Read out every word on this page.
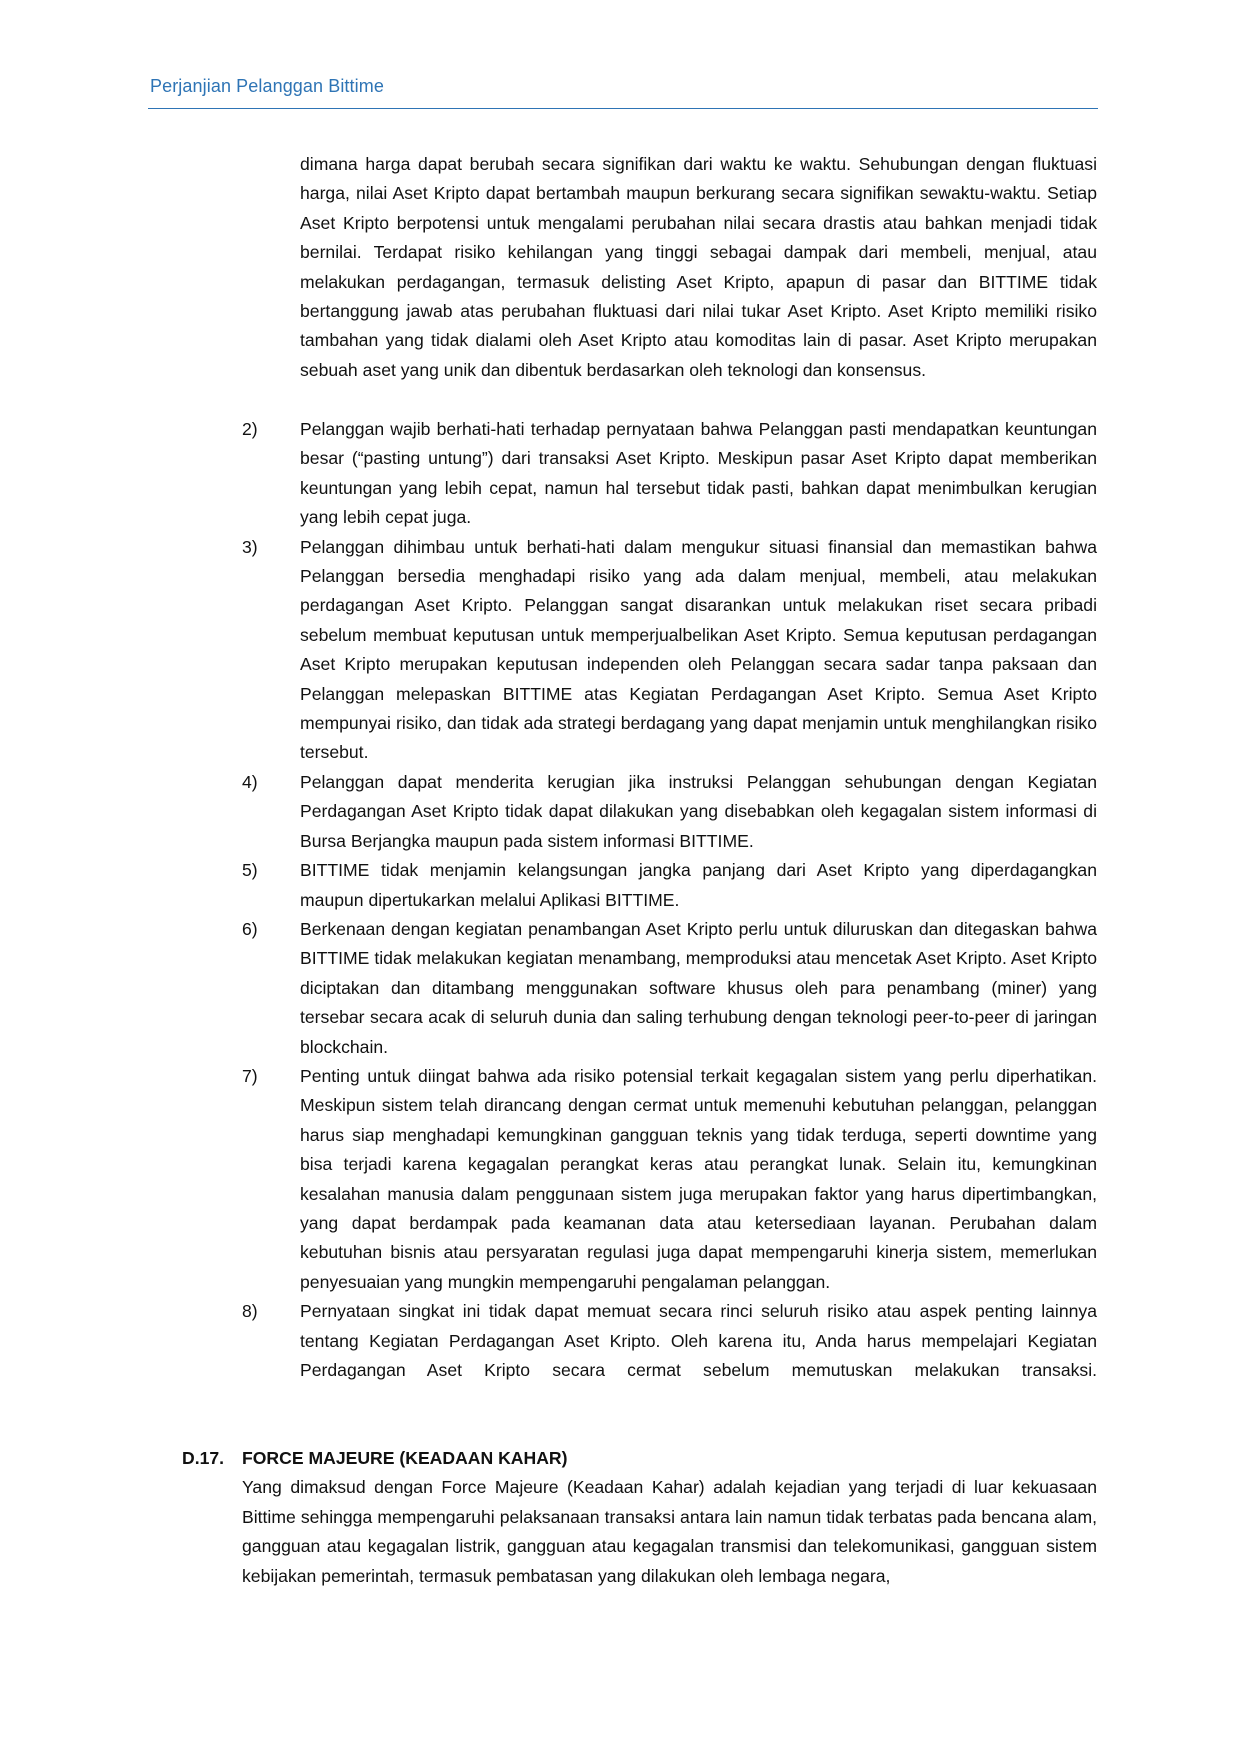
Perjanjian Pelanggan Bittime
dimana harga dapat berubah secara signifikan dari waktu ke waktu. Sehubungan dengan fluktuasi harga, nilai Aset Kripto dapat bertambah maupun berkurang secara signifikan sewaktu-waktu. Setiap Aset Kripto berpotensi untuk mengalami perubahan nilai secara drastis atau bahkan menjadi tidak bernilai. Terdapat risiko kehilangan yang tinggi sebagai dampak dari membeli, menjual, atau melakukan perdagangan, termasuk delisting Aset Kripto, apapun di pasar dan BITTIME tidak bertanggung jawab atas perubahan fluktuasi dari nilai tukar Aset Kripto. Aset Kripto memiliki risiko tambahan yang tidak dialami oleh Aset Kripto atau komoditas lain di pasar. Aset Kripto merupakan sebuah aset yang unik dan dibentuk berdasarkan oleh teknologi dan konsensus.
2)	Pelanggan wajib berhati-hati terhadap pernyataan bahwa Pelanggan pasti mendapatkan keuntungan besar (“pasting untung”) dari transaksi Aset Kripto. Meskipun pasar Aset Kripto dapat memberikan keuntungan yang lebih cepat, namun hal tersebut tidak pasti, bahkan dapat menimbulkan kerugian yang lebih cepat juga.
3)	Pelanggan dihimbau untuk berhati-hati dalam mengukur situasi finansial dan memastikan bahwa Pelanggan bersedia menghadapi risiko yang ada dalam menjual, membeli, atau melakukan perdagangan Aset Kripto. Pelanggan sangat disarankan untuk melakukan riset secara pribadi sebelum membuat keputusan untuk memperjualbelikan Aset Kripto. Semua keputusan perdagangan Aset Kripto merupakan keputusan independen oleh Pelanggan secara sadar tanpa paksaan dan Pelanggan melepaskan BITTIME atas Kegiatan Perdagangan Aset Kripto. Semua Aset Kripto mempunyai risiko, dan tidak ada strategi berdagang yang dapat menjamin untuk menghilangkan risiko tersebut.
4)	Pelanggan dapat menderita kerugian jika instruksi Pelanggan sehubungan dengan Kegiatan Perdagangan Aset Kripto tidak dapat dilakukan yang disebabkan oleh kegagalan sistem informasi di Bursa Berjangka maupun pada sistem informasi BITTIME.
5)	BITTIME tidak menjamin kelangsungan jangka panjang dari Aset Kripto yang diperdagangkan maupun dipertukarkan melalui Aplikasi BITTIME.
6)	Berkenaan dengan kegiatan penambangan Aset Kripto perlu untuk diluruskan dan ditegaskan bahwa BITTIME tidak melakukan kegiatan menambang, memproduksi atau mencetak Aset Kripto. Aset Kripto diciptakan dan ditambang menggunakan software khusus oleh para penambang (miner) yang tersebar secara acak di seluruh dunia dan saling terhubung dengan teknologi peer-to-peer di jaringan blockchain.
7)	Penting untuk diingat bahwa ada risiko potensial terkait kegagalan sistem yang perlu diperhatikan. Meskipun sistem telah dirancang dengan cermat untuk memenuhi kebutuhan pelanggan, pelanggan harus siap menghadapi kemungkinan gangguan teknis yang tidak terduga, seperti downtime yang bisa terjadi karena kegagalan perangkat keras atau perangkat lunak. Selain itu, kemungkinan kesalahan manusia dalam penggunaan sistem juga merupakan faktor yang harus dipertimbangkan, yang dapat berdampak pada keamanan data atau ketersediaan layanan. Perubahan dalam kebutuhan bisnis atau persyaratan regulasi juga dapat mempengaruhi kinerja sistem, memerlukan penyesuaian yang mungkin mempengaruhi pengalaman pelanggan.
8)	Pernyataan singkat ini tidak dapat memuat secara rinci seluruh risiko atau aspek penting lainnya tentang Kegiatan Perdagangan Aset Kripto. Oleh karena itu, Anda harus mempelajari Kegiatan Perdagangan Aset Kripto secara cermat sebelum memutuskan melakukan transaksi.
D.17.	FORCE MAJEURE (KEADAAN KAHAR)
Yang dimaksud dengan Force Majeure (Keadaan Kahar) adalah kejadian yang terjadi di luar kekuasaan Bittime sehingga mempengaruhi pelaksanaan transaksi antara lain namun tidak terbatas pada bencana alam, gangguan atau kegagalan listrik, gangguan atau kegagalan transmisi dan telekomunikasi, gangguan sistem kebijakan pemerintah, termasuk pembatasan yang dilakukan oleh lembaga negara,
